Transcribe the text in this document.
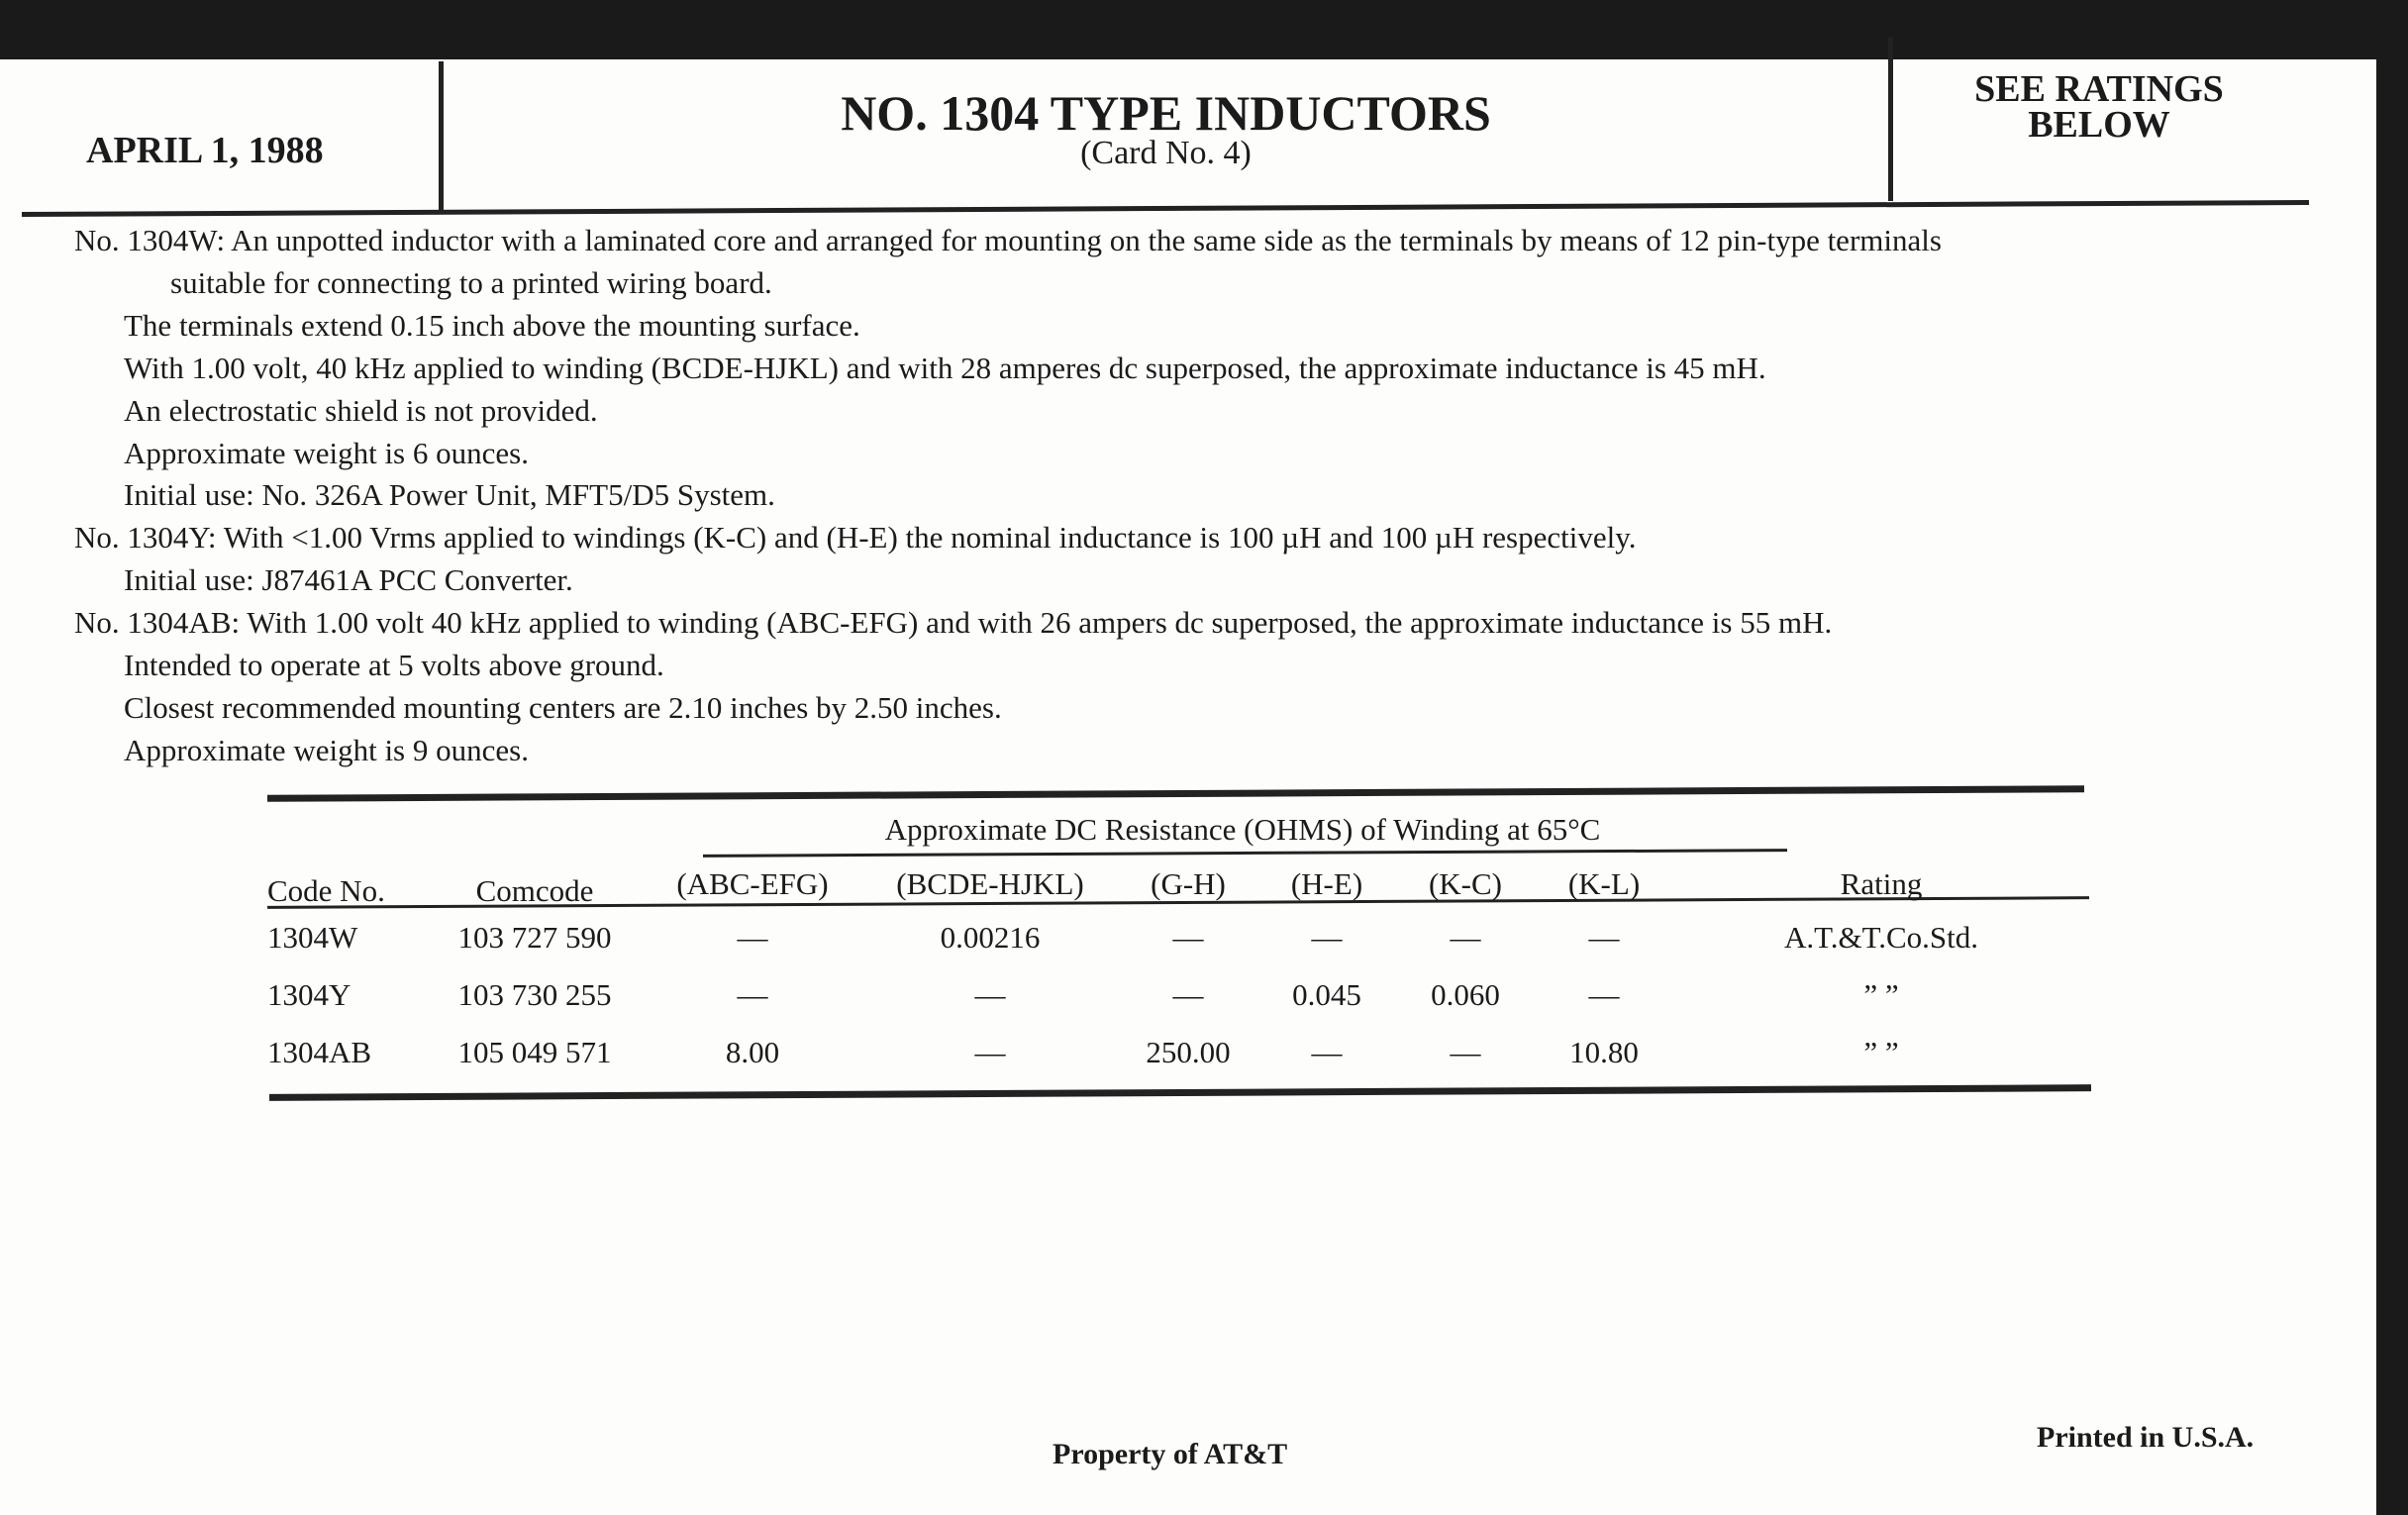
APRIL 1, 1988
NO. 1304 TYPE INDUCTORS
(Card No. 4)
SEE RATINGS
BELOW
No. 1304W: An unpotted inductor with a laminated core and arranged for mounting on the same side as the terminals by means of 12 pin-type terminals
suitable for connecting to a printed wiring board.
The terminals extend 0.15 inch above the mounting surface.
With 1.00 volt, 40 kHz applied to winding (BCDE-HJKL) and with 28 amperes dc superposed, the approximate inductance is 45 mH.
An electrostatic shield is not provided.
Approximate weight is 6 ounces.
Initial use: No. 326A Power Unit, MFT5/D5 System.
No. 1304Y: With <1.00 Vrms applied to windings (K-C) and (H-E) the nominal inductance is 100 µH and 100 µH respectively.
Initial use: J87461A PCC Converter.
No. 1304AB: With 1.00 volt 40 kHz applied to winding (ABC-EFG) and with 26 ampers dc superposed, the approximate inductance is 55 mH.
Intended to operate at 5 volts above ground.
Closest recommended mounting centers are 2.10 inches by 2.50 inches.
Approximate weight is 9 ounces.
Approximate DC Resistance (OHMS) of Winding at 65°C
Code No.	Comcode	(ABC-EFG)	(BCDE-HJKL)	(G-H)	(H-E)	(K-C)	(K-L)	Rating
1304W	103 727 590	—	0.00216	—	—	—	—	A.T.&T.Co.Std.
1304Y	103 730 255	—	—	—	0.045	0.060	—	” ”
1304AB	105 049 571	8.00	—	250.00	—	—	10.80	” ”
Property of AT&T
Printed in U.S.A.
